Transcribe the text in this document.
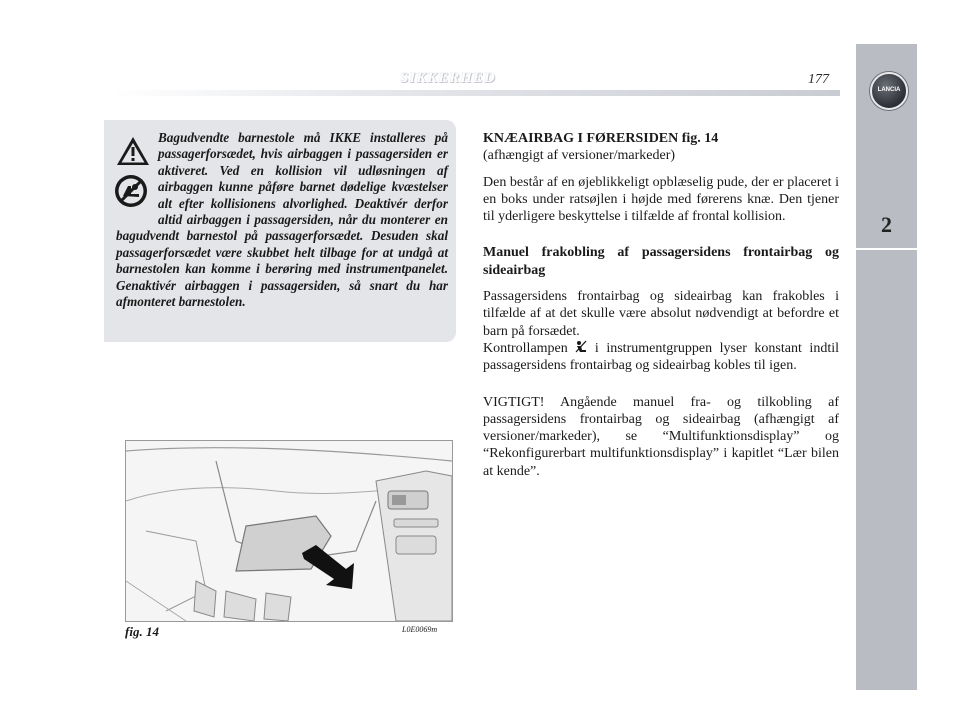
SIKKERHED	177
LANCIA
2
Bagudvendte barnestole må IKKE installeres på passagerforsædet, hvis airbaggen i passagersiden er aktiveret. Ved en kollision vil udløsningen af airbaggen kunne påføre barnet dødelige kvæstelser alt efter kollisionens alvorlighed. Deaktivér derfor altid airbaggen i passagersiden, når du monterer en bagudvendt barnestol på passagerforsædet. Desuden skal passagerforsædet være skubbet helt tilbage for at undgå at barnestolen kan komme i berøring med instrumentpanelet. Genaktivér airbaggen i passagersiden, så snart du har afmonteret barnestolen.
fig. 14	L0E0069m

KNÆAIRBAG I FØRERSIDEN fig. 14

(afhængigt af versioner/markeder)

Den består af en øjeblikkeligt opblæselig pude, der er placeret i en boks under ratsøjlen i højde med førerens knæ. Den tjener til yderligere beskyttelse i tilfælde af frontal kollision.

Manuel frakobling af passagersidens frontairbag og sideairbag

Passagersidens frontairbag og sideairbag kan frakobles i tilfælde af at det skulle være absolut nødvendigt at befordre et barn på forsædet.

Kontrollampen  i instrumentgruppen lyser konstant indtil passagersidens frontairbag og sideairbag kobles til igen.

VIGTIGT! Angående manuel fra- og tilkobling af passagersidens frontairbag og sideairbag (afhængigt af versioner/markeder), se “Multifunktionsdisplay” og “Rekonfigurerbart multifunktionsdisplay” i kapitlet “Lær bilen at kende”.
